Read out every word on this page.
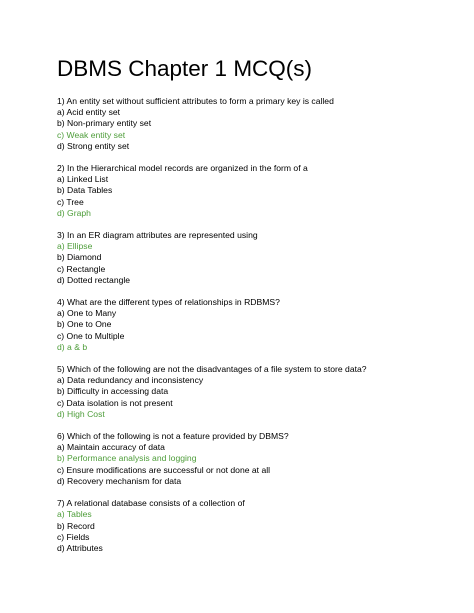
DBMS Chapter 1 MCQ(s)
1) An entity set without sufficient attributes to form a primary key is called
a) Acid entity set
b) Non-primary entity set
c) Weak entity set
d) Strong entity set
2) In the Hierarchical model records are organized in the form of a
a) Linked List
b) Data Tables
c) Tree
d) Graph
3) In an ER diagram attributes are represented using
a) Ellipse
b) Diamond
c) Rectangle
d) Dotted rectangle
4) What are the different types of relationships in RDBMS?
a) One to Many
b) One to One
c) One to Multiple
d) a & b
5) Which of the following are not the disadvantages of a file system to store data?
a) Data redundancy and inconsistency
b) Difficulty in accessing data
c) Data isolation is not present
d) High Cost
6) Which of the following is not a feature provided by DBMS?
a) Maintain accuracy of data
b) Performance analysis and logging
c) Ensure modifications are successful or not done at all
d) Recovery mechanism for data
7) A relational database consists of a collection of
a) Tables
b) Record
c) Fields
d) Attributes
